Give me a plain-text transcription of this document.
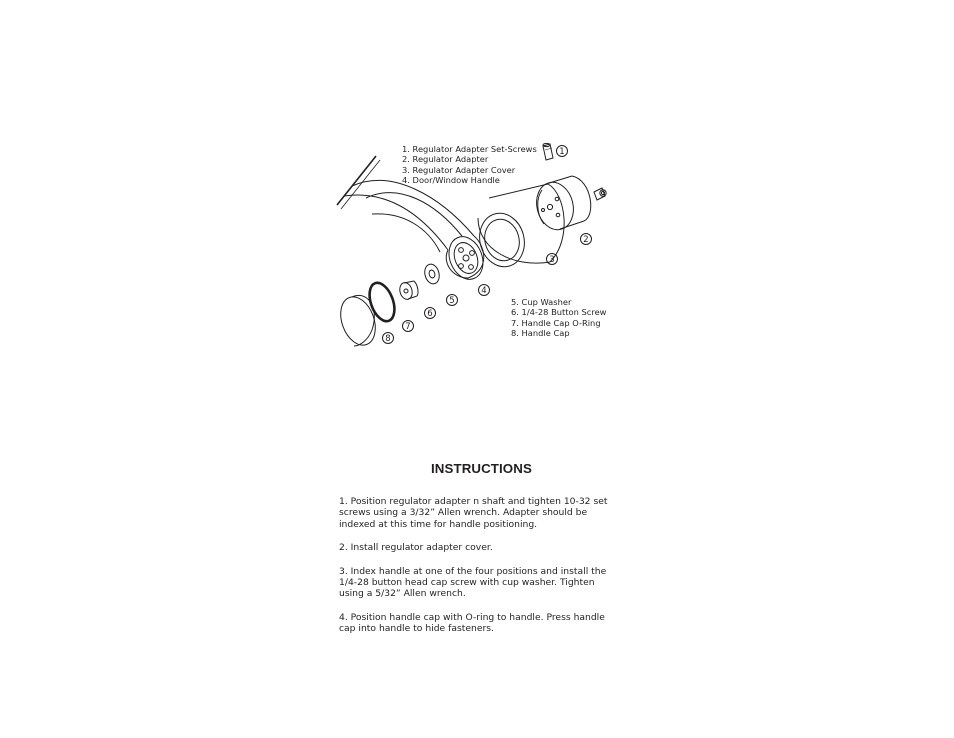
1
2
3
4
5
6
7
8
1. Regulator Adapter Set-Screws
2. Regulator Adapter
3. Regulator Adapter Cover
4. Door/Window Handle
5. Cup Washer
6. 1/4-28 Button Screw
7. Handle Cap O-Ring
8. Handle Cap
INSTRUCTIONS

1. Position regulator adapter n shaft and tighten 10-32 set screws using a 3/32” Allen wrench. Adapter should be indexed at this time for handle positioning.

2. Install regulator adapter cover.

3. Index handle at one of the four positions and install the 1/4-28 button head cap screw with cup washer. Tighten using a 5/32” Allen wrench.

4. Position handle cap with O-ring to handle. Press handle cap into handle to hide fasteners.
